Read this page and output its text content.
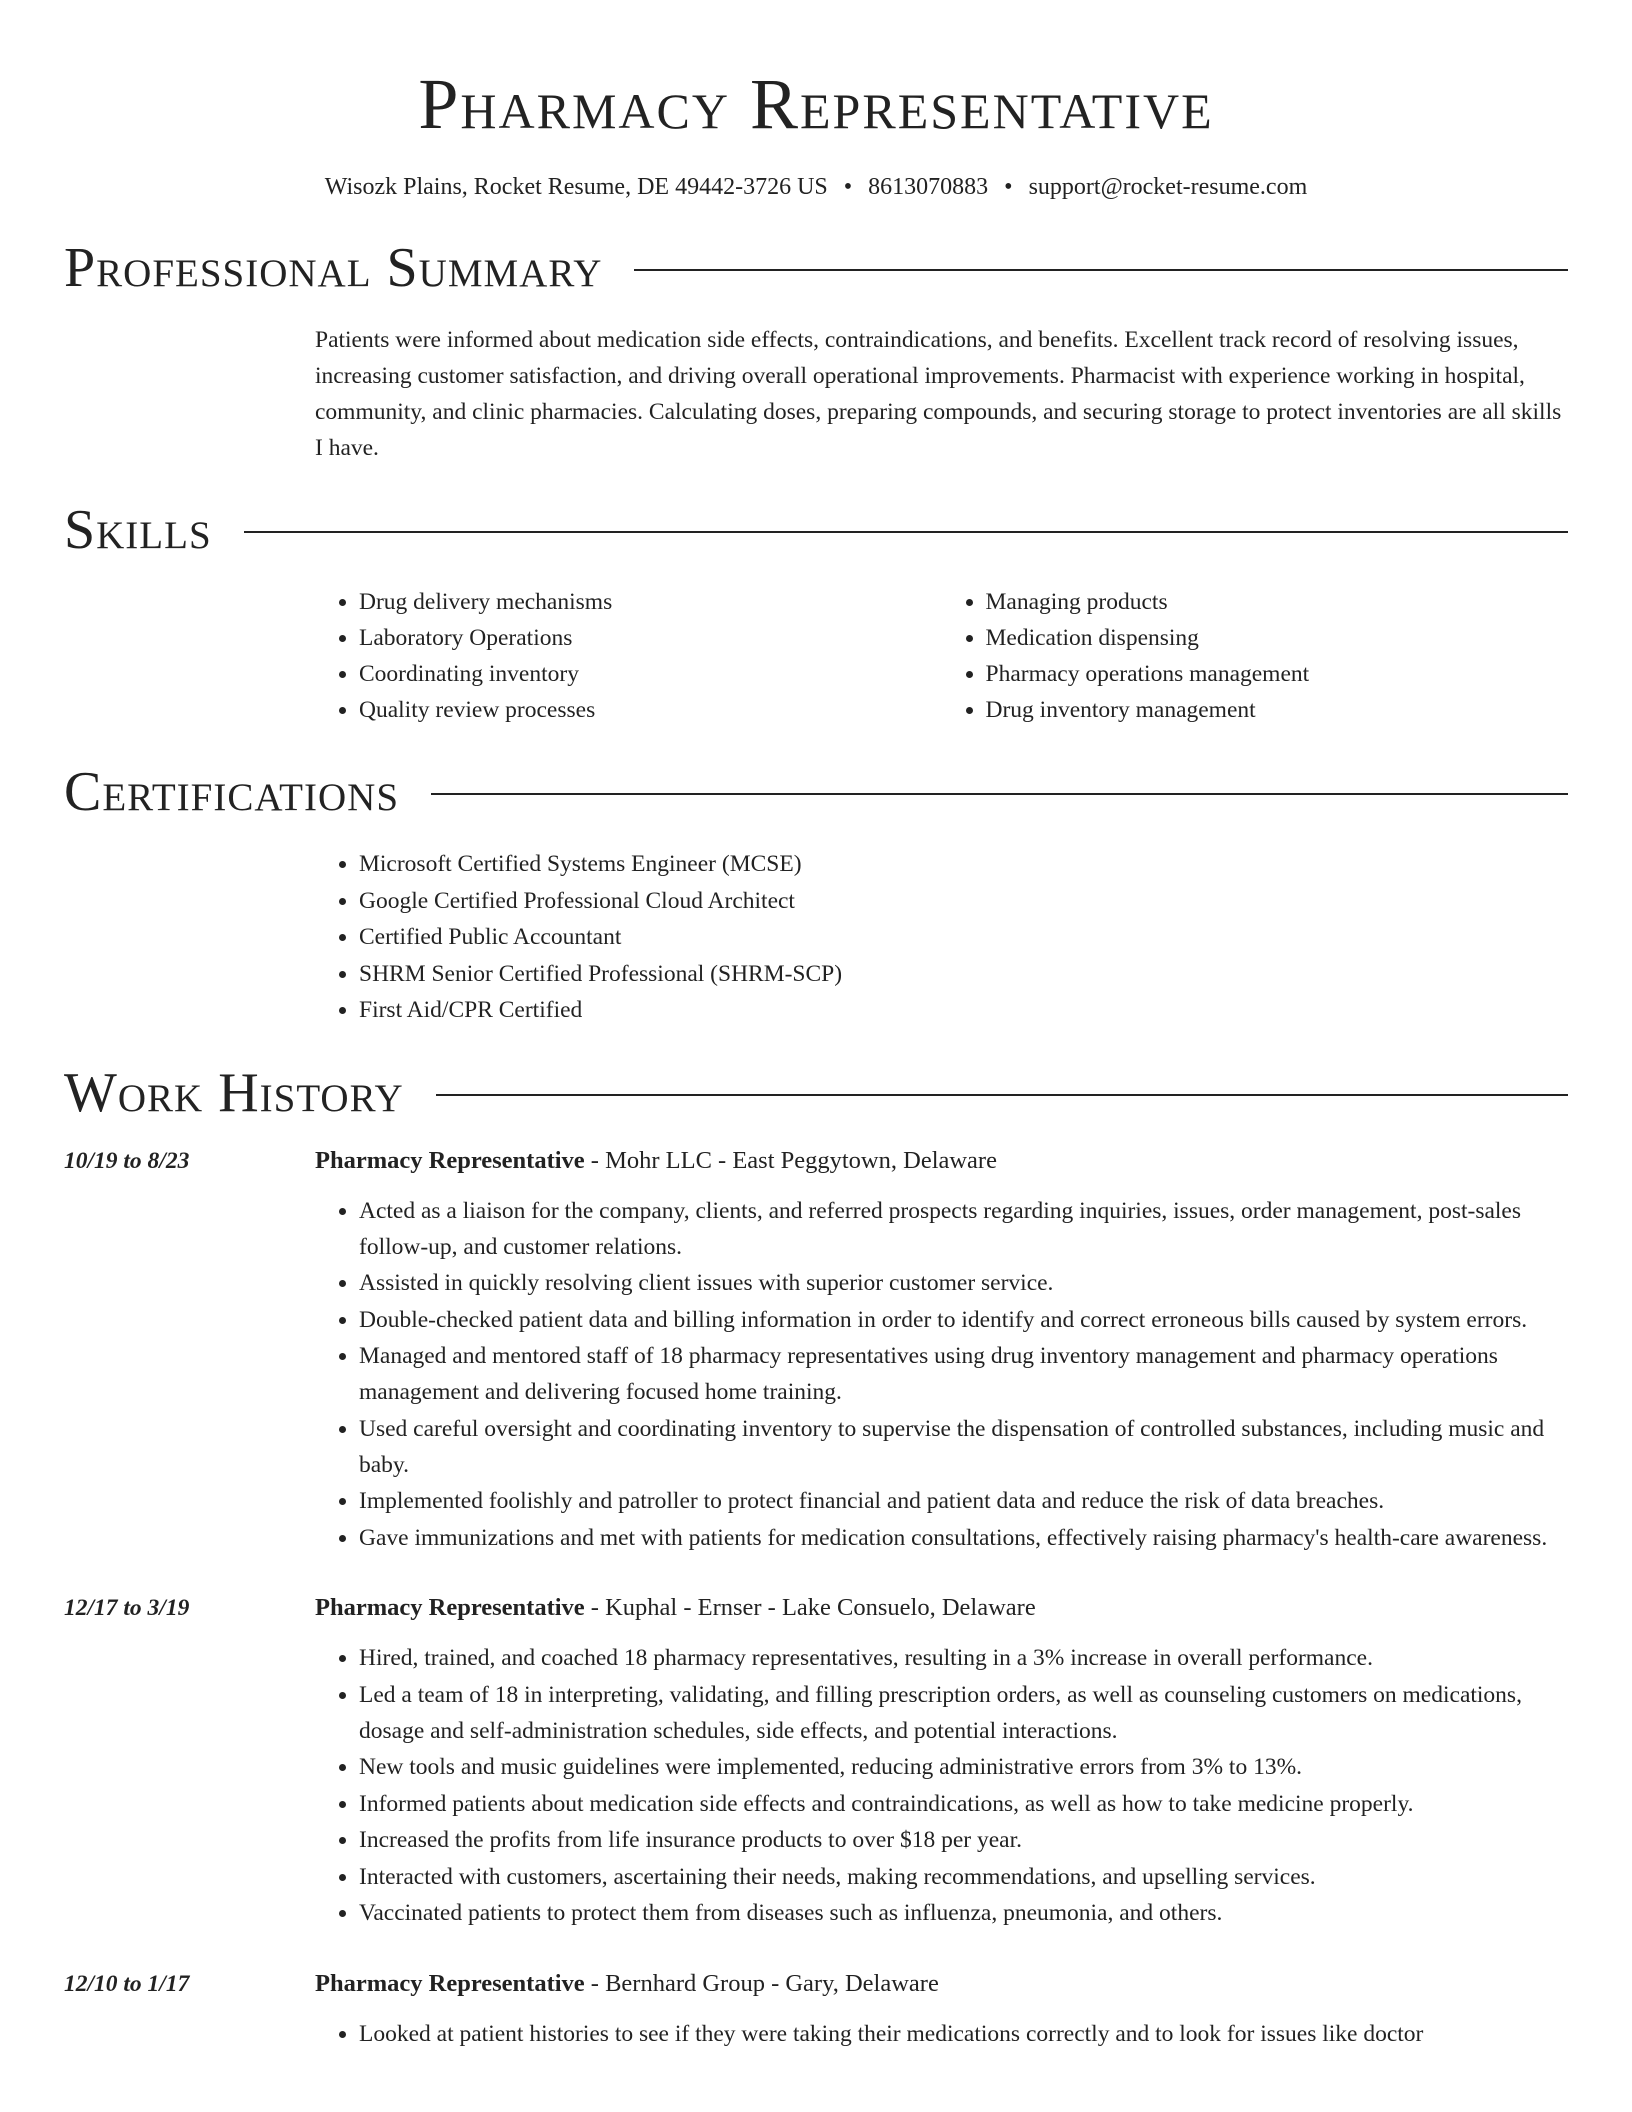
Pharmacy Representative
Wisozk Plains, Rocket Resume, DE 49442-3726 US • 8613070883 • support@rocket-resume.com
Professional Summary
Patients were informed about medication side effects, contraindications, and benefits. Excellent track record of resolving issues, increasing customer satisfaction, and driving overall operational improvements. Pharmacist with experience working in hospital, community, and clinic pharmacies. Calculating doses, preparing compounds, and securing storage to protect inventories are all skills I have.
Skills
• Drug delivery mechanisms
• Laboratory Operations
• Coordinating inventory
• Quality review processes
• Managing products
• Medication dispensing
• Pharmacy operations management
• Drug inventory management
Certifications
• Microsoft Certified Systems Engineer (MCSE)
• Google Certified Professional Cloud Architect
• Certified Public Accountant
• SHRM Senior Certified Professional (SHRM-SCP)
• First Aid/CPR Certified
Work History
10/19 to 8/23	Pharmacy Representative - Mohr LLC - East Peggytown, Delaware
• Acted as a liaison for the company, clients, and referred prospects regarding inquiries, issues, order management, post-sales follow-up, and customer relations.
• Assisted in quickly resolving client issues with superior customer service.
• Double-checked patient data and billing information in order to identify and correct erroneous bills caused by system errors.
• Managed and mentored staff of 18 pharmacy representatives using drug inventory management and pharmacy operations management and delivering focused home training.
• Used careful oversight and coordinating inventory to supervise the dispensation of controlled substances, including music and baby.
• Implemented foolishly and patroller to protect financial and patient data and reduce the risk of data breaches.
• Gave immunizations and met with patients for medication consultations, effectively raising pharmacy's health-care awareness.
12/17 to 3/19	Pharmacy Representative - Kuphal - Ernser - Lake Consuelo, Delaware
• Hired, trained, and coached 18 pharmacy representatives, resulting in a 3% increase in overall performance.
• Led a team of 18 in interpreting, validating, and filling prescription orders, as well as counseling customers on medications, dosage and self-administration schedules, side effects, and potential interactions.
• New tools and music guidelines were implemented, reducing administrative errors from 3% to 13%.
• Informed patients about medication side effects and contraindications, as well as how to take medicine properly.
• Increased the profits from life insurance products to over $18 per year.
• Interacted with customers, ascertaining their needs, making recommendations, and upselling services.
• Vaccinated patients to protect them from diseases such as influenza, pneumonia, and others.
12/10 to 1/17	Pharmacy Representative - Bernhard Group - Gary, Delaware
• Looked at patient histories to see if they were taking their medications correctly and to look for issues like doctor
